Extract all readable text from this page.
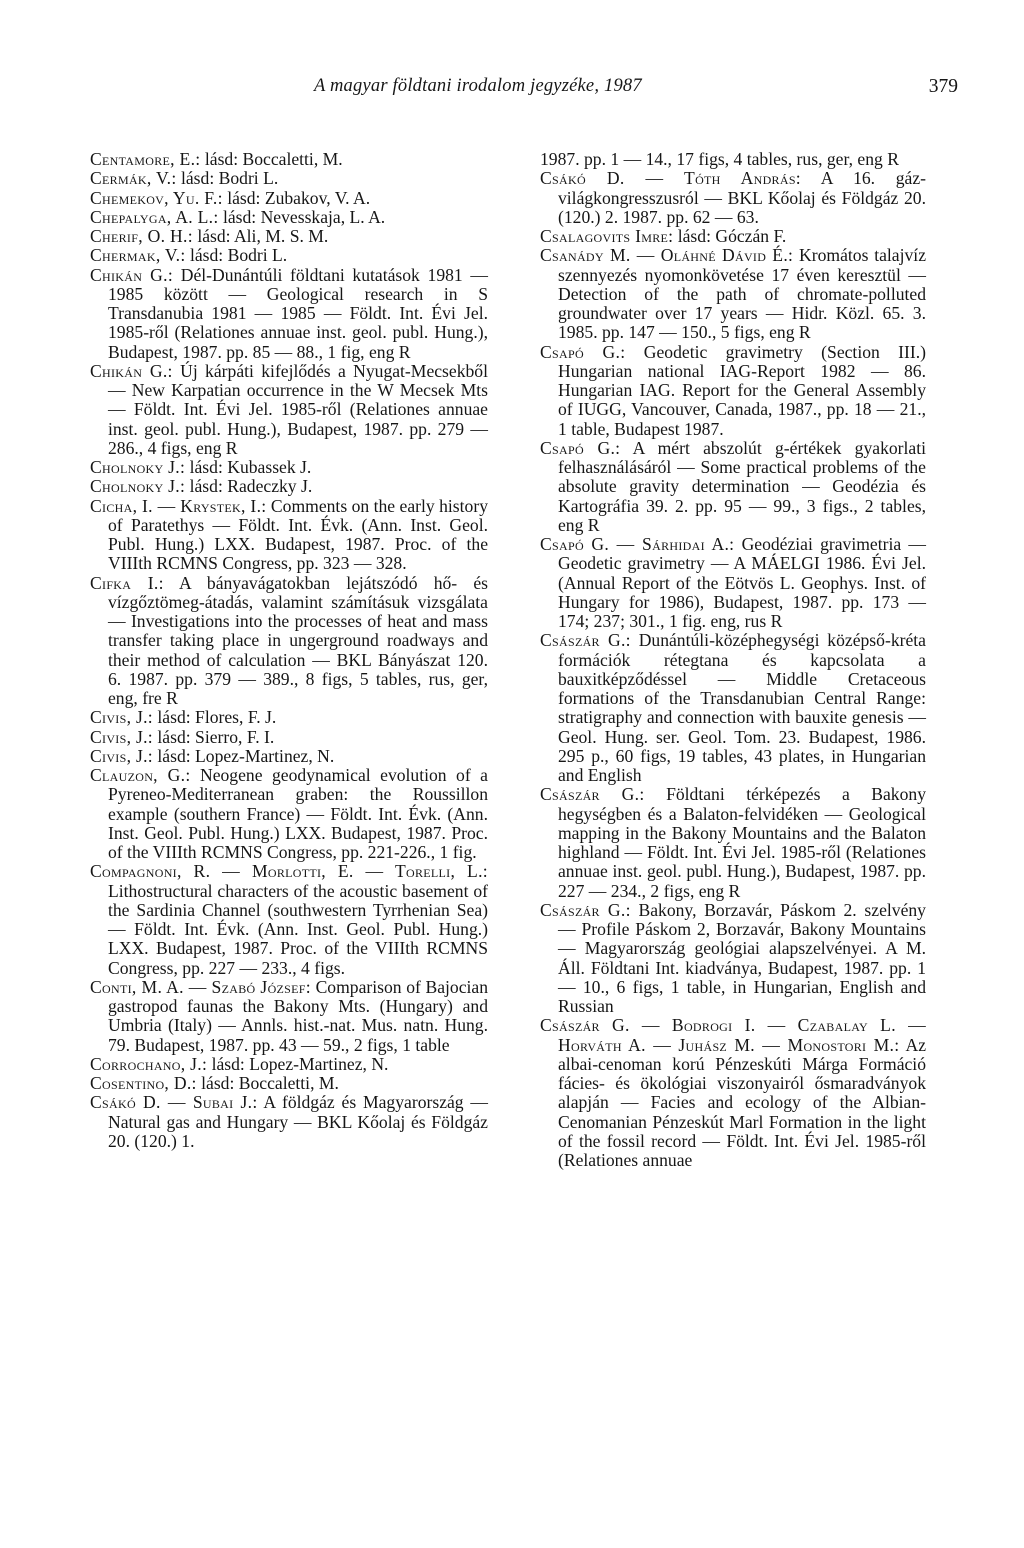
A magyar földtani irodalom jegyzéke, 1987	379

Centamore, E.: lásd: Boccaletti, M.

Cermák, V.: lásd: Bodri L.

Chemekov, Yu. F.: lásd: Zubakov, V. A.

Chepalyga, A. L.: lásd: Nevesskaja, L. A.

Cherif, O. H.: lásd: Ali, M. S. M.

Chermak, V.: lásd: Bodri L.

Chikán G.: Dél-Dunántúli földtani kutatások 1981 — 1985 között — Geological research in S Transdanubia 1981 — 1985 — Földt. Int. Évi Jel. 1985-ről (Relationes annuae inst. geol. publ. Hung.), Budapest, 1987. pp. 85 — 88., 1 fig, eng R

Chikán G.: Új kárpáti kifejlődés a Nyugat-Mecsekből — New Karpatian occurrence in the W Mecsek Mts — Földt. Int. Évi Jel. 1985-ről (Relationes annuae inst. geol. publ. Hung.), Budapest, 1987. pp. 279 — 286., 4 figs, eng R

Cholnoky J.: lásd: Kubassek J.

Cholnoky J.: lásd: Radeczky J.

Cicha, I. — Krystek, I.: Comments on the early history of Paratethys — Földt. Int. Évk. (Ann. Inst. Geol. Publ. Hung.) LXX. Budapest, 1987. Proc. of the VIIIth RCMNS Congress, pp. 323 — 328.

Cifka I.: A bányavágatokban lejátszódó hő- és vízgőztömeg-átadás, valamint számításuk vizsgálata — Investigations into the processes of heat and mass transfer taking place in ungerground roadways and their method of calculation — BKL Bányászat 120. 6. 1987. pp. 379 — 389., 8 figs, 5 tables, rus, ger, eng, fre R

Civis, J.: lásd: Flores, F. J.

Civis, J.: lásd: Sierro, F. I.

Civis, J.: lásd: Lopez-Martinez, N.

Clauzon, G.: Neogene geodynamical evolution of a Pyreneo-Mediterranean graben: the Roussillon example (southern France) — Földt. Int. Évk. (Ann. Inst. Geol. Publ. Hung.) LXX. Budapest, 1987. Proc. of the VIIIth RCMNS Congress, pp. 221-226., 1 fig.

Compagnoni, R. — Morlotti, E. — Torelli, L.: Lithostructural characters of the acoustic basement of the Sardinia Channel (southwestern Tyrrhenian Sea) — Földt. Int. Évk. (Ann. Inst. Geol. Publ. Hung.) LXX. Budapest, 1987. Proc. of the VIIIth RCMNS Congress, pp. 227 — 233., 4 figs.

Conti, M. A. — Szabó József: Comparison of Bajocian gastropod faunas the Bakony Mts. (Hungary) and Umbria (Italy) — Annls. hist.-nat. Mus. natn. Hung. 79. Budapest, 1987. pp. 43 — 59., 2 figs, 1 table

Corrochano, J.: lásd: Lopez-Martinez, N.

Cosentino, D.: lásd: Boccaletti, M.

Csákó D. — Subai J.: A földgáz és Magyarország — Natural gas and Hungary — BKL Kőolaj és Földgáz 20. (120.) 1.

1987. pp. 1 — 14., 17 figs, 4 tables, rus, ger, eng R

Csákó D. — Tóth András: A 16. gáz-világkongresszusról — BKL Kőolaj és Földgáz 20. (120.) 2. 1987. pp. 62 — 63.

Csalagovits Imre: lásd: Góczán F.

Csanády M. — Oláhné Dávid É.: Kromátos talajvíz szennyezés nyomonkövetése 17 éven keresztül — Detection of the path of chromate-polluted groundwater over 17 years — Hidr. Közl. 65. 3. 1985. pp. 147 — 150., 5 figs, eng R

Csapó G.: Geodetic gravimetry (Section III.) Hungarian national IAG-Report 1982 — 86. Hungarian IAG. Report for the General Assembly of IUGG, Vancouver, Canada, 1987., pp. 18 — 21., 1 table, Budapest 1987.

Csapó G.: A mért abszolút g-értékek gyakorlati felhasználásáról — Some practical problems of the absolute gravity determination — Geodézia és Kartográfia 39. 2. pp. 95 — 99., 3 figs., 2 tables, eng R

Csapó G. — Sárhidai A.: Geodéziai gravimetria — Geodetic gravimetry — A MÁELGI 1986. Évi Jel. (Annual Report of the Eötvös L. Geophys. Inst. of Hungary for 1986), Budapest, 1987. pp. 173 — 174; 237; 301., 1 fig. eng, rus R

Császár G.: Dunántúli-középhegységi középső-kréta formációk rétegtana és kapcsolata a bauxitképződéssel — Middle Cretaceous formations of the Transdanubian Central Range: stratigraphy and connection with bauxite genesis — Geol. Hung. ser. Geol. Tom. 23. Budapest, 1986. 295 p., 60 figs, 19 tables, 43 plates, in Hungarian and English

Császár G.: Földtani térképezés a Bakony hegységben és a Balaton-felvidéken — Geological mapping in the Bakony Mountains and the Balaton highland — Földt. Int. Évi Jel. 1985-ről (Relationes annuae inst. geol. publ. Hung.), Budapest, 1987. pp. 227 — 234., 2 figs, eng R

Császár G.: Bakony, Borzavár, Páskom 2. szelvény — Profile Páskom 2, Borzavár, Bakony Mountains — Magyarország geológiai alapszelvényei. A M. Áll. Földtani Int. kiadványa, Budapest, 1987. pp. 1 — 10., 6 figs, 1 table, in Hungarian, English and Russian

Császár G. — Bodrogi I. — Czabalay L. — Horváth A. — Juhász M. — Monostori M.: Az albai-cenoman korú Pénzeskúti Márga Formáció fácies- és ökológiai viszonyairól ősmaradványok alapján — Facies and ecology of the Albian-Cenomanian Pénzeskút Marl Formation in the light of the fossil record — Földt. Int. Évi Jel. 1985-ről (Relationes annuae
